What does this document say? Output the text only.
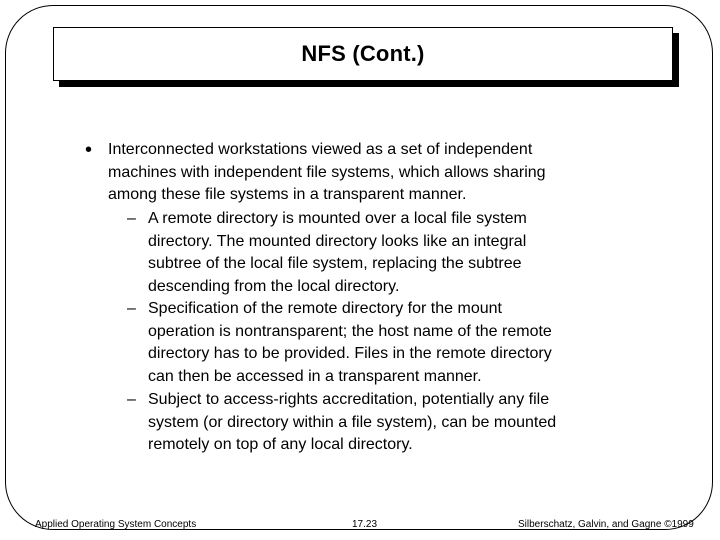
NFS (Cont.)
• Interconnected workstations viewed as a set of independent
machines with independent file systems, which allows sharing
among these file systems in a transparent manner.
– A remote directory is mounted over a local file system
directory. The mounted directory looks like an integral
subtree of the local file system, replacing the subtree
descending from the local directory.
– Specification of the remote directory for the mount
operation is nontransparent; the host name of the remote
directory has to be provided. Files in the remote directory
can then be accessed in a transparent manner.
– Subject to access-rights accreditation, potentially any file
system (or directory within a file system), can be mounted
remotely on top of any local directory.
Applied Operating System Concepts	17.23	Silberschatz, Galvin, and Gagne ©1999
